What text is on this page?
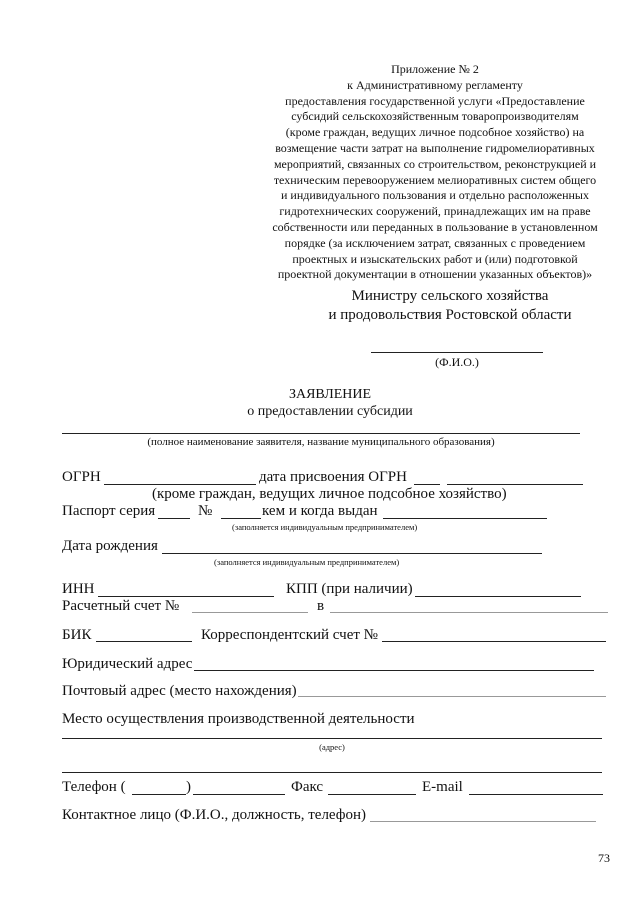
Приложение № 2
к Административному регламенту
предоставления государственной услуги «Предоставление
субсидий сельскохозяйственным товаропроизводителям
(кроме граждан, ведущих личное подсобное хозяйство) на
возмещение части затрат на выполнение гидромелиоративных
мероприятий, связанных со строительством, реконструкцией и
техническим перевооружением мелиоративных систем общего
и индивидуального пользования и отдельно расположенных
гидротехнических сооружений, принадлежащих им на праве
собственности или переданных в пользование в установленном
порядке (за исключением затрат, связанных с проведением
проектных и изыскательских работ и (или) подготовкой
проектной документации в отношении указанных объектов)»
Министру сельского хозяйства
и продовольствия Ростовской области
(Ф.И.О.)
ЗАЯВЛЕНИЕ
о предоставлении субсидии
(полное наименование заявителя, название муниципального образования)
ОГРН	дата присвоения ОГРН
(кроме граждан, ведущих личное подсобное хозяйство)
Паспорт серия	№	кем и когда выдан
(заполняется индивидуальным предпринимателем)
Дата рождения
(заполняется индивидуальным предпринимателем)
ИНН	КПП (при наличии)
Расчетный счет №	в
БИК	Корреспондентский счет №
Юридический адрес
Почтовый адрес (место нахождения)
Место осуществления производственной деятельности
(адрес)
Телефон (	)	Факс	E-mail
Контактное лицо (Ф.И.О., должность, телефон)
73
